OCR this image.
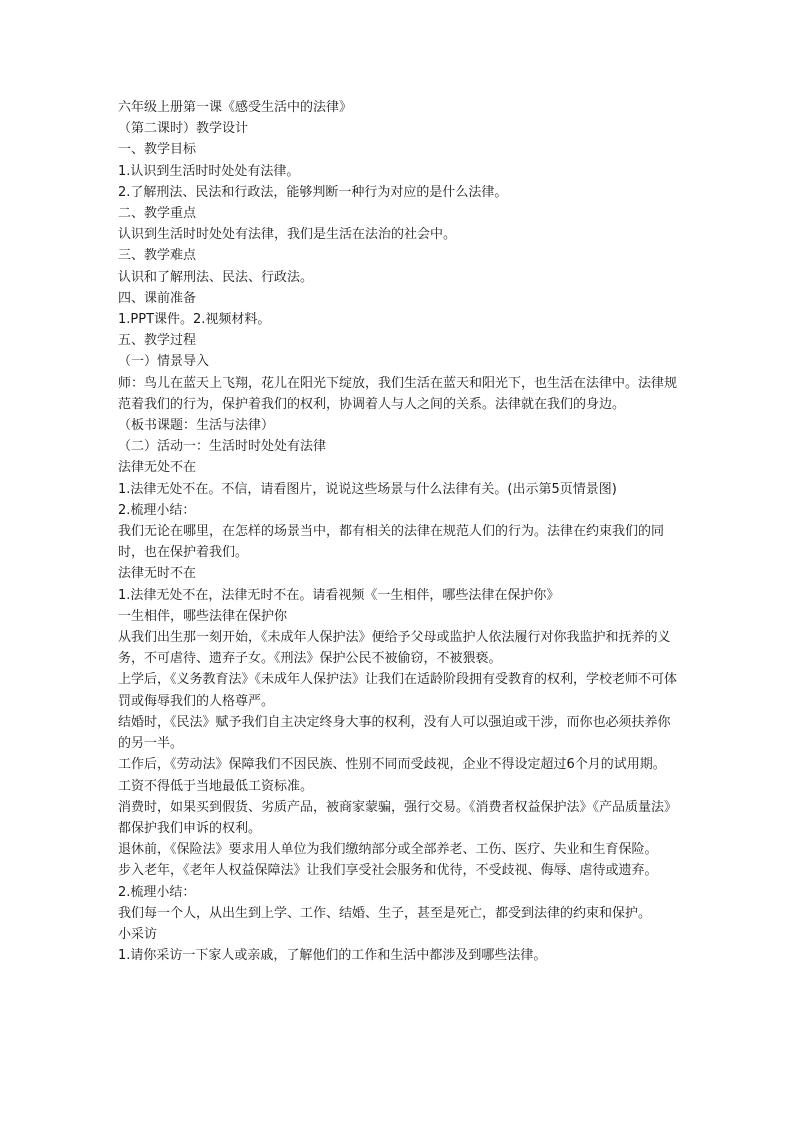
六年级上册第一课《感受生活中的法律》
（第二课时）教学设计
一、教学目标
1.认识到生活时时处处有法律。
2.了解刑法、民法和行政法，能够判断一种行为对应的是什么法律。
二、教学重点
认识到生活时时处处有法律，我们是生活在法治的社会中。
三、教学难点
认识和了解刑法、民法、行政法。
四、课前准备
1.PPT课件。2.视频材料。
五、教学过程
（一）情景导入
师：鸟儿在蓝天上飞翔，花儿在阳光下绽放，我们生活在蓝天和阳光下，也生活在法律中。法律规范着我们的行为，保护着我们的权利，协调着人与人之间的关系。法律就在我们的身边。
（板书课题：生活与法律）
（二）活动一：生活时时处处有法律
法律无处不在
1.法律无处不在。不信，请看图片，说说这些场景与什么法律有关。(出示第5页情景图)
2.梳理小结：
我们无论在哪里，在怎样的场景当中，都有相关的法律在规范人们的行为。法律在约束我们的同时，也在保护着我们。
法律无时不在
1.法律无处不在，法律无时不在。请看视频《一生相伴，哪些法律在保护你》
一生相伴，哪些法律在保护你
从我们出生那一刻开始，《未成年人保护法》便给予父母或监护人依法履行对你我监护和抚养的义务，不可虐待、遗弃子女。《刑法》保护公民不被偷窃，不被猥亵。
上学后，《义务教育法》《未成年人保护法》让我们在适龄阶段拥有受教育的权利，学校老师不可体罚或侮辱我们的人格尊严。
结婚时，《民法》赋予我们自主决定终身大事的权利，没有人可以强迫或干涉，而你也必须扶养你的另一半。
工作后，《劳动法》保障我们不因民族、性别不同而受歧视，企业不得设定超过6个月的试用期。工资不得低于当地最低工资标准。
消费时，如果买到假货、劣质产品，被商家蒙骗，强行交易。《消费者权益保护法》《产品质量法》都保护我们申诉的权利。
退休前，《保险法》要求用人单位为我们缴纳部分或全部养老、工伤、医疗、失业和生育保险。
步入老年，《老年人权益保障法》让我们享受社会服务和优待，不受歧视、侮辱、虐待或遗弃。
2.梳理小结：
我们每一个人，从出生到上学、工作、结婚、生子，甚至是死亡，都受到法律的约束和保护。
小采访
1.请你采访一下家人或亲戚，了解他们的工作和生活中都涉及到哪些法律。
